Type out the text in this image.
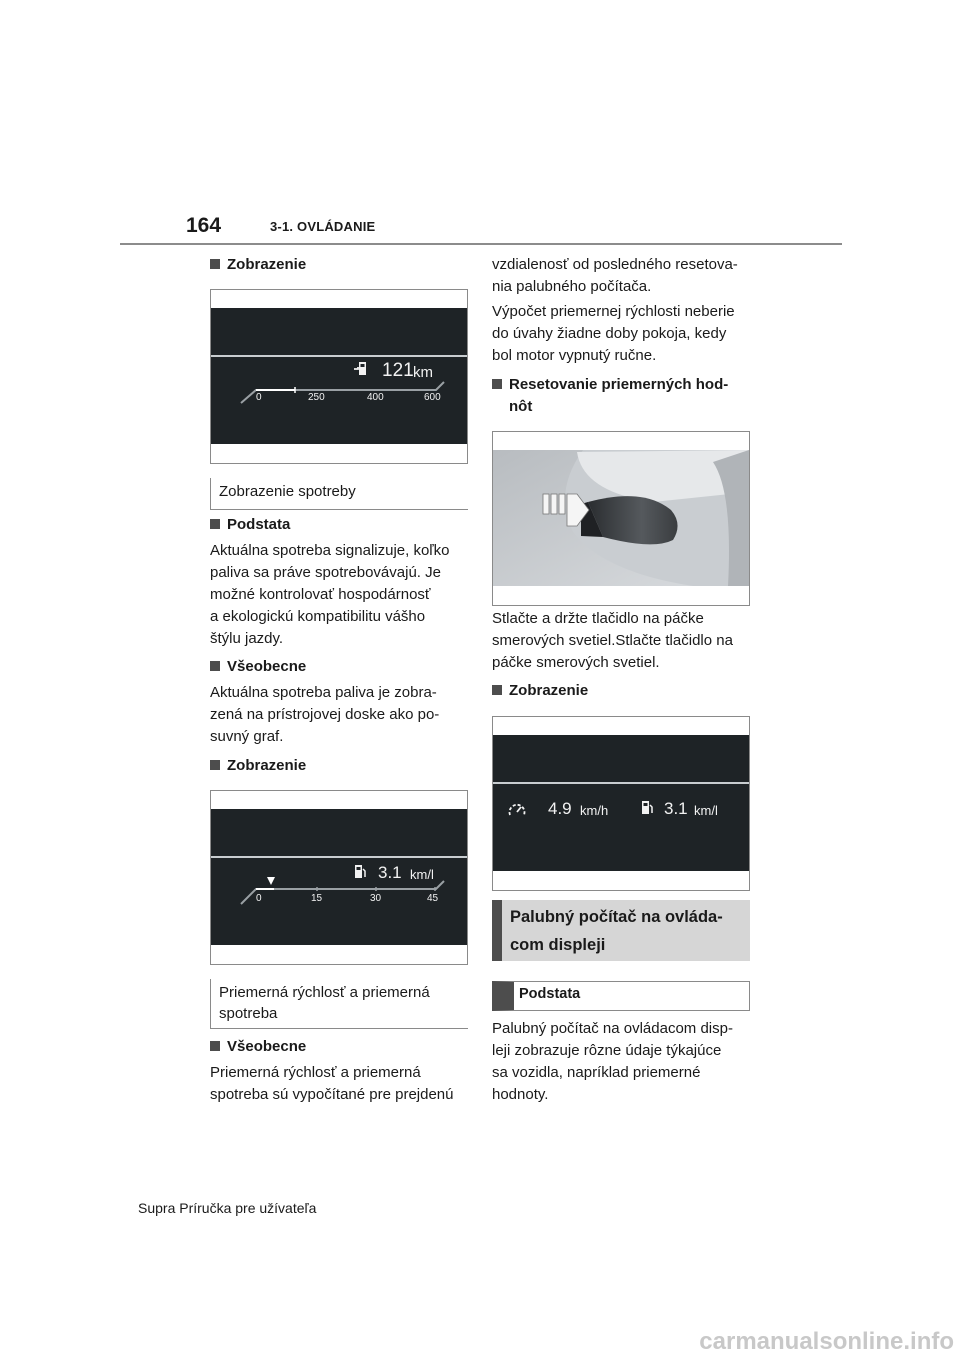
164	3-1. OVLÁDANIE
Zobrazenie
121 km
0	250	400	600
Zobrazenie spotreby
Podstata
Aktuálna spotreba signalizuje, koľko
paliva sa práve spotrebovávajú. Je
možné kontrolovať hospodárnosť
a ekologickú kompatibilitu vášho
štýlu jazdy.
Všeobecne
Aktuálna spotreba paliva je zobra-
zená na prístrojovej doske ako po-
suvný graf.
Zobrazenie
3.1 km/l
0	15	30	45
Priemerná rýchlosť a priemerná
spotreba
Všeobecne
Priemerná rýchlosť a priemerná
spotreba sú vypočítané pre prejdenú
vzdialenosť od posledného resetova-
nia palubného počítača.
Výpočet priemernej rýchlosti neberie
do úvahy žiadne doby pokoja, kedy
bol motor vypnutý ručne.
Resetovanie priemerných hod-
nôt
Stlačte a držte tlačidlo na páčke
smerových svetiel.Stlačte tlačidlo na
páčke smerových svetiel.
Zobrazenie
4.9 km/h	3.1 km/l
Palubný počítač na ovláda-
com displeji
Podstata
Palubný počítač na ovládacom disp-
leji zobrazuje rôzne údaje týkajúce
sa vozidla, napríklad priemerné
hodnoty.
Supra Príručka pre užívateľa
carmanualsonline.info
